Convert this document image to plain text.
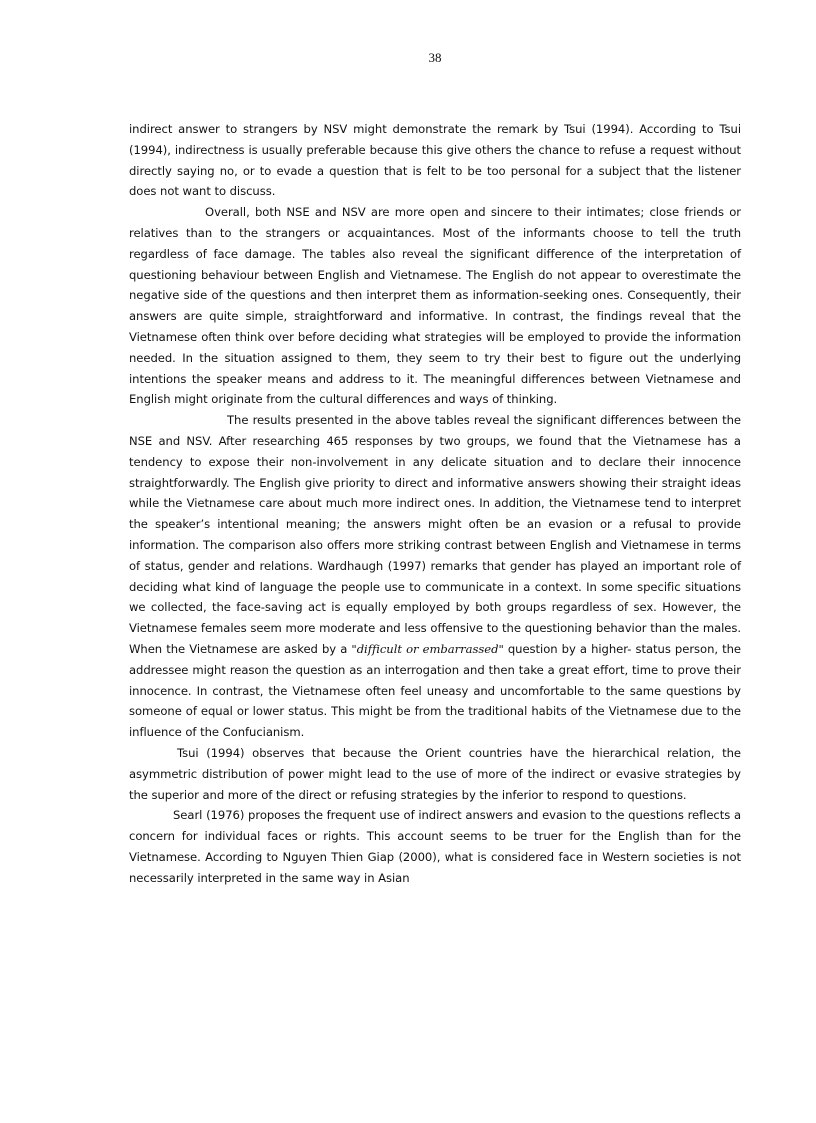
38

indirect answer to strangers by NSV might demonstrate the remark by Tsui (1994). According to Tsui (1994), indirectness is usually preferable because this give others the chance to refuse a request without directly saying no, or to evade a question that is felt to be too personal for a subject that the listener does not want to discuss.

Overall, both NSE and NSV are more open and sincere to their intimates; close friends or relatives than to the strangers or acquaintances. Most of the informants choose to tell the truth regardless of face damage. The tables also reveal the significant difference of the interpretation of questioning behaviour between English and Vietnamese. The English do not appear to overestimate the negative side of the questions and then interpret them as information-seeking ones. Consequently, their answers are quite simple, straightforward and informative. In contrast, the findings reveal that the Vietnamese often think over before deciding what strategies will be employed to provide the information needed. In the situation assigned to them, they seem to try their best to figure out the underlying intentions the speaker means and address to it. The meaningful differences between Vietnamese and English might originate from the cultural differences and ways of thinking.

The results presented in the above tables reveal the significant differences between the NSE and NSV. After researching 465 responses by two groups, we found that the Vietnamese has a tendency to expose their non-involvement in any delicate situation and to declare their innocence straightforwardly. The English give priority to direct and informative answers showing their straight ideas while the Vietnamese care about much more indirect ones. In addition, the Vietnamese tend to interpret the speaker’s intentional meaning; the answers might often be an evasion or a refusal to provide information. The comparison also offers more striking contrast between English and Vietnamese in terms of status, gender and relations. Wardhaugh (1997) remarks that gender has played an important role of deciding what kind of language the people use to communicate in a context. In some specific situations we collected, the face-saving act is equally employed by both groups regardless of sex. However, the Vietnamese females seem more moderate and less offensive to the questioning behavior than the males. When the Vietnamese are asked by a "difficult or embarrassed" question by a higher- status person, the addressee might reason the question as an interrogation and then take a great effort, time to prove their innocence. In contrast, the Vietnamese often feel uneasy and uncomfortable to the same questions by someone of equal or lower status. This might be from the traditional habits of the Vietnamese due to the influence of the Confucianism.

Tsui (1994) observes that because the Orient countries have the hierarchical relation, the asymmetric distribution of power might lead to the use of more of the indirect or evasive strategies by the superior and more of the direct or refusing strategies by the inferior to respond to questions.

Searl (1976) proposes the frequent use of indirect answers and evasion to the questions reflects a concern for individual faces or rights. This account seems to be truer for the English than for the Vietnamese. According to Nguyen Thien Giap (2000), what is considered face in Western societies is not necessarily interpreted in the same way in Asian
